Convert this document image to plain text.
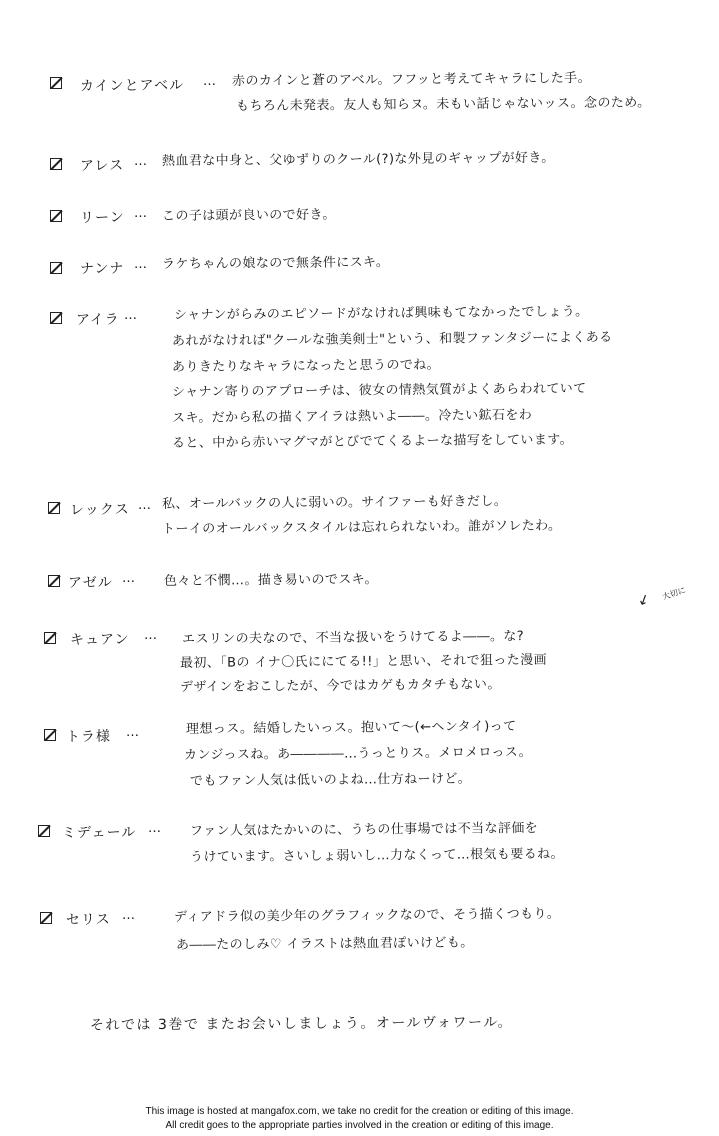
カインとアベル … 赤のカインと蒼のアベル。フフッと考えてキャラにした手。
もちろん未発表。友人も知らヌ。未もい話じゃないッス。念のため。
アレス … 熱血君な中身と、父ゆずりのクール(?)な外見のギャップが好き。
リーン … この子は頭が良いので好き。
ナンナ … ラケちゃんの娘なので無条件にスキ。
アイラ …	シャナンがらみのエピソードがなければ興味もてなかったでしょう。
あれがなければ"クールな強美剣士"という、和製ファンタジーによくある
ありきたりなキャラになったと思うのでね。
シャナン寄りのアプローチは、彼女の情熱気質がよくあらわれていて
スキ。だから私の描くアイラは熱いよ――。冷たい鉱石をわ
ると、中から赤いマグマがとびでてくるよーな描写をしています。
レックス … 私、オールバックの人に弱いの。サイファーも好きだし。
トーイのオールバックスタイルは忘れられないわ。誰がソレたわ。
アゼル … 色々と不憫…。描き易いのでスキ。
キュアン … エスリンの夫なので、不当な扱いをうけてるよ――。な?
最初、「Bの イナ〇氏ににてる!!」と思い、それで狙った漫画
デザインをおこしたが、今ではカゲもカタチもない。
↙ 大切に
トラ様 …	理想っス。結婚したいっス。抱いて～(←ヘンタイ)って
カンジっスね。あ――――…うっとりス。メロメロっス。
でもファン人気は低いのよね…仕方ねーけど。
ミデェール … ファン人気はたかいのに、うちの仕事場では不当な評価を
うけています。さいしょ弱いし…力なくって…根気も要るね。
セリス …	ディアドラ似の美少年のグラフィックなので、そう描くつもり。
あ――たのしみ♡ イラストは熱血君ぽいけども。
それでは 3巻で またお会いしましょう。オールヴォワール。
This image is hosted at mangafox.com, we take no credit for the creation or editing of this image.
All credit goes to the appropriate parties involved in the creation or editing of this image.
